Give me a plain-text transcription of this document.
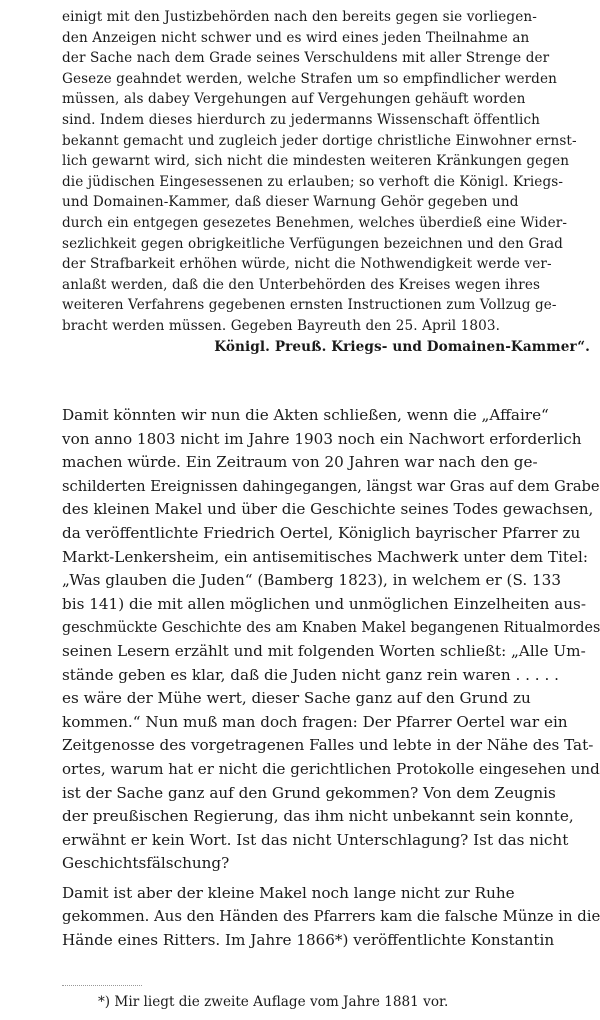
einigt mit den Justizbehörden nach den bereits gegen sie vorliegen-
den Anzeigen nicht schwer und es wird eines jeden Theilnahme an
der Sache nach dem Grade seines Verschuldens mit aller Strenge der
Geseze geahndet werden, welche Strafen um so empfindlicher werden
müssen, als dabey Vergehungen auf Vergehungen gehäuft worden
sind. Indem dieses hierdurch zu jedermanns Wissenschaft öffentlich
bekannt gemacht und zugleich jeder dortige christliche Einwohner ernst-
lich gewarnt wird, sich nicht die mindesten weiteren Kränkungen gegen
die jüdischen Eingesessenen zu erlauben; so verhoft die Königl. Kriegs-
und Domainen-Kammer, daß dieser Warnung Gehör gegeben und
durch ein entgegen gesezetes Benehmen, welches überdieß eine Wider-
sezlichkeit gegen obrigkeitliche Verfügungen bezeichnen und den Grad
der Strafbarkeit erhöhen würde, nicht die Nothwendigkeit werde ver-
anlaßt werden, daß die den Unterbehörden des Kreises wegen ihres
weiteren Verfahrens gegebenen ernsten Instructionen zum Vollzug ge-
bracht werden müssen. Gegeben Bayreuth den 25. April 1803.
Königl. Preuß. Kriegs- und Domainen-Kammer“.
Damit könnten wir nun die Akten schließen, wenn die „Affaire“
von anno 1803 nicht im Jahre 1903 noch ein Nachwort erforderlich
machen würde. Ein Zeitraum von 20 Jahren war nach den ge-
schilderten Ereignissen dahingegangen, längst war Gras auf dem Grabe
des kleinen Makel und über die Geschichte seines Todes gewachsen,
da veröffentlichte Friedrich Oertel, Königlich bayrischer Pfarrer zu
Markt-Lenkersheim, ein antisemitisches Machwerk unter dem Titel:
„Was glauben die Juden“ (Bamberg 1823), in welchem er (S. 133
bis 141) die mit allen möglichen und unmöglichen Einzelheiten aus-
geschmückte Geschichte des am Knaben Makel begangenen Ritualmordes
seinen Lesern erzählt und mit folgenden Worten schließt: „Alle Um-
stände geben es klar, daß die Juden nicht ganz rein waren . . . . .
es wäre der Mühe wert, dieser Sache ganz auf den Grund zu
kommen.“ Nun muß man doch fragen: Der Pfarrer Oertel war ein
Zeitgenosse des vorgetragenen Falles und lebte in der Nähe des Tat-
ortes, warum hat er nicht die gerichtlichen Protokolle eingesehen und
ist der Sache ganz auf den Grund gekommen? Von dem Zeugnis
der preußischen Regierung, das ihm nicht unbekannt sein konnte,
erwähnt er kein Wort. Ist das nicht Unterschlagung? Ist das nicht
Geschichtsfälschung?
Damit ist aber der kleine Makel noch lange nicht zur Ruhe
gekommen. Aus den Händen des Pfarrers kam die falsche Münze in die
Hände eines Ritters. Im Jahre 1866*) veröffentlichte Konstantin
*) Mir liegt die zweite Auflage vom Jahre 1881 vor.
